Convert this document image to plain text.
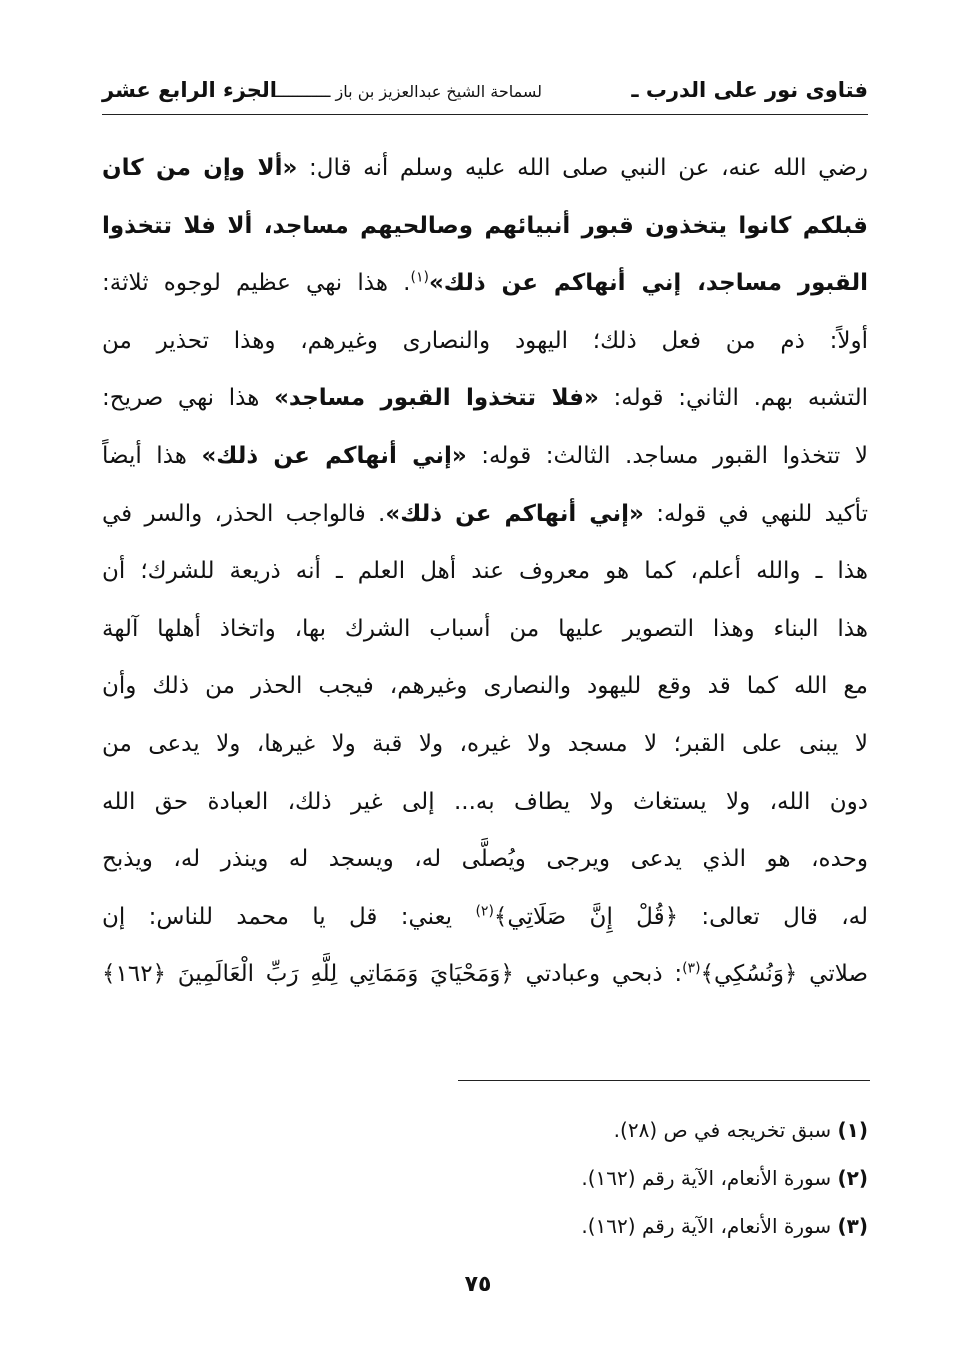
فتاوى نور على الدرب ـ
لسماحة الشيخ عبدالعزيز بن باز ــــــــــــ
الجزء الرابع عشر
رضي الله عنه، عن النبي صلى الله عليه وسلم أنه قال: «ألا وإن من كان
قبلكم كانوا يتخذون قبور أنبيائهم وصالحيهم مساجد، ألا فلا تتخذوا
القبور مساجد، إني أنهاكم عن ذلك»$^{(١)}$. هذا نهي عظيم لوجوه ثلاثة:
أولاً: ذم من فعل ذلك؛ اليهود والنصارى وغيرهم، وهذا تحذير من
التشبه بهم. الثاني: قوله: «فلا تتخذوا القبور مساجد» هذا نهي صريح:
لا تتخذوا القبور مساجد. الثالث: قوله: «إني أنهاكم عن ذلك» هذا أيضاً
تأكيد للنهي في قوله: «إني أنهاكم عن ذلك». فالواجب الحذر، والسر في
هذا ـ والله أعلم، كما هو معروف عند أهل العلم ـ أنه ذريعة للشرك؛ أن
هذا البناء وهذا التصوير عليها من أسباب الشرك بها، واتخاذ أهلها آلهة
مع الله كما قد وقع لليهود والنصارى وغيرهم، فيجب الحذر من ذلك وأن
لا يبنى على القبر؛ لا مسجد ولا غيره، ولا قبة ولا غيرها، ولا يدعى من
دون الله، ولا يستغاث ولا يطاف به... إلى غير ذلك، العبادة حق الله
وحده، هو الذي يدعى ويرجى ويُصلَّى له، ويسجد له وينذر له، ويذبح
له، قال تعالى: ﴿قُلْ إِنَّ صَلَاتِي﴾$^{(٢)}$ يعني: قل يا محمد للناس: إن
صلاتي ﴿وَنُسُكِي﴾$^{(٣)}$: ذبحي وعبادتي ﴿وَمَحْيَايَ وَمَمَاتِي لِلَّهِ رَبِّ الْعَالَمِينَ ﴿١٦٢﴾
(١) سبق تخريجه في ص (٢٨).
(٢) سورة الأنعام، الآية رقم (١٦٢).
(٣) سورة الأنعام، الآية رقم (١٦٢).
٧٥
